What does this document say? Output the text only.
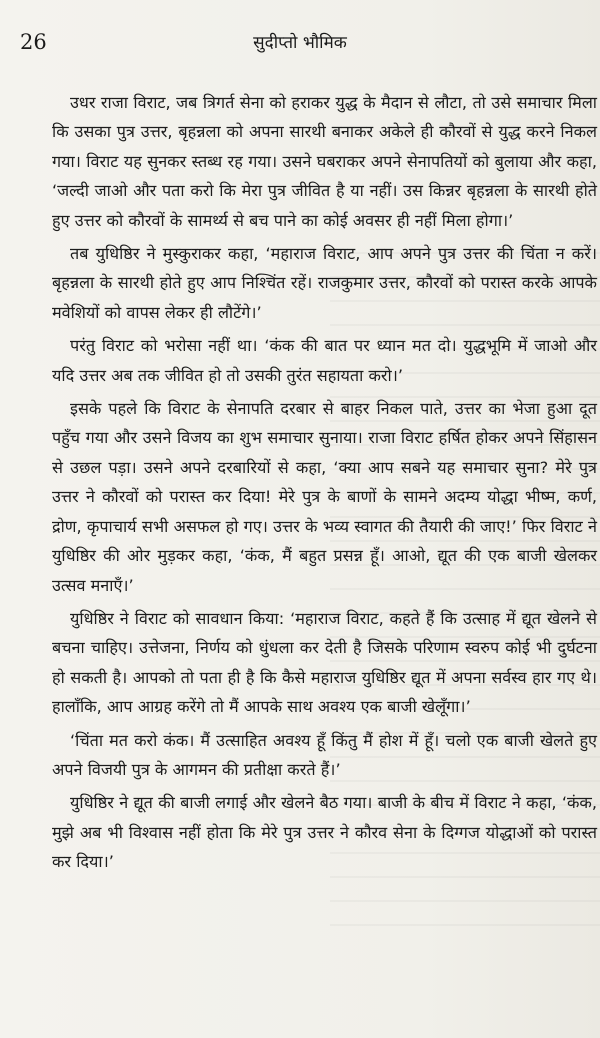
26	सुदीप्तो भौमिक

उधर राजा विराट, जब त्रिगर्त सेना को हराकर युद्ध के मैदान से लौटा, तो उसे समाचार मिला कि उसका पुत्र उत्तर, बृहन्नला को अपना सारथी बनाकर अकेले ही कौरवों से युद्ध करने निकल गया। विराट यह सुनकर स्तब्ध रह गया। उसने घबराकर अपने सेनापतियों को बुलाया और कहा, ‘जल्दी जाओ और पता करो कि मेरा पुत्र जीवित है या नहीं। उस किन्नर बृहन्नला के सारथी होते हुए उत्तर को कौरवों के सामर्थ्य से बच पाने का कोई अवसर ही नहीं मिला होगा।’

तब युधिष्ठिर ने मुस्कुराकर कहा, ‘महाराज विराट, आप अपने पुत्र उत्तर की चिंता न करें। बृहन्नला के सारथी होते हुए आप निश्चिंत रहें। राजकुमार उत्तर, कौरवों को परास्त करके आपके मवेशियों को वापस लेकर ही लौटेंगे।’

परंतु विराट को भरोसा नहीं था। ‘कंक की बात पर ध्यान मत दो। युद्धभूमि में जाओ और यदि उत्तर अब तक जीवित हो तो उसकी तुरंत सहायता करो।’

इसके पहले कि विराट के सेनापति दरबार से बाहर निकल पाते, उत्तर का भेजा हुआ दूत पहुँच गया और उसने विजय का शुभ समाचार सुनाया। राजा विराट हर्षित होकर अपने सिंहासन से उछल पड़ा। उसने अपने दरबारियों से कहा, ‘क्या आप सबने यह समाचार सुना? मेरे पुत्र उत्तर ने कौरवों को परास्त कर दिया! मेरे पुत्र के बाणों के सामने अदम्य योद्धा भीष्म, कर्ण, द्रोण, कृपाचार्य सभी असफल हो गए। उत्तर के भव्य स्वागत की तैयारी की जाए!’ फिर विराट ने युधिष्ठिर की ओर मुड़कर कहा, ‘कंक, मैं बहुत प्रसन्न हूँ। आओ, द्यूत की एक बाजी खेलकर उत्सव मनाएँ।’

युधिष्ठिर ने विराट को सावधान किया: ‘महाराज विराट, कहते हैं कि उत्साह में द्यूत खेलने से बचना चाहिए। उत्तेजना, निर्णय को धुंधला कर देती है जिसके परिणाम स्वरुप कोई भी दुर्घटना हो सकती है। आपको तो पता ही है कि कैसे महाराज युधिष्ठिर द्यूत में अपना सर्वस्व हार गए थे। हालाँकि, आप आग्रह करेंगे तो मैं आपके साथ अवश्य एक बाजी खेलूँगा।’

‘चिंता मत करो कंक। मैं उत्साहित अवश्य हूँ किंतु मैं होश में हूँ। चलो एक बाजी खेलते हुए अपने विजयी पुत्र के आगमन की प्रतीक्षा करते हैं।’

युधिष्ठिर ने द्यूत की बाजी लगाई और खेलने बैठ गया। बाजी के बीच में विराट ने कहा, ‘कंक, मुझे अब भी विश्वास नहीं होता कि मेरे पुत्र उत्तर ने कौरव सेना के दिग्गज योद्धाओं को परास्त कर दिया।’
